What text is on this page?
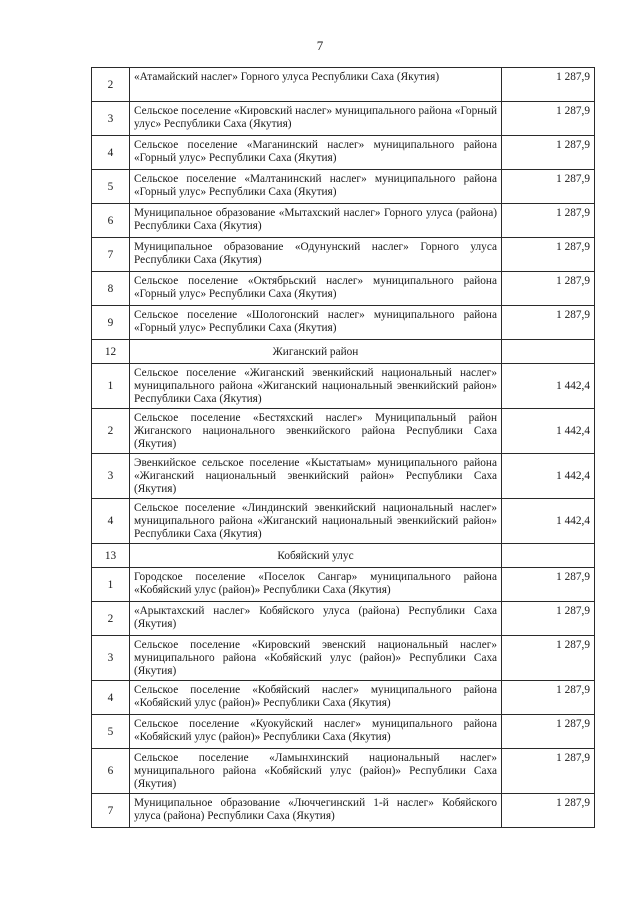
7
2	«Атамайский наслег» Горного улуса Республики Саха (Якутия)	1 287,9
3	Сельское поселение «Кировский наслег» муниципального района «Горный улус» Республики Саха (Якутия)	1 287,9
4	Сельское поселение «Маганинский наслег» муниципального района «Горный улус» Республики Саха (Якутия)	1 287,9
5	Сельское поселение «Малтанинский наслег» муниципального района «Горный улус» Республики Саха (Якутия)	1 287,9
6	Муниципальное образование «Мытахский наслег» Горного улуса (района) Республики Саха (Якутия)	1 287,9
7	Муниципальное образование «Одунунский наслег» Горного улуса Республики Саха (Якутия)	1 287,9
8	Сельское поселение «Октябрьский наслег» муниципального района «Горный улус» Республики Саха (Якутия)	1 287,9
9	Сельское поселение «Шологонский наслег» муниципального района «Горный улус» Республики Саха (Якутия)	1 287,9
12	Жиганский район	
1	Сельское поселение «Жиганский эвенкийский национальный наслег» муниципального района «Жиганский национальный эвенкийский район» Республики Саха (Якутия)	1 442,4
2	Сельское поселение «Бестяхский наслег» Муниципальный район Жиганского национального эвенкийского района Республики Саха (Якутия)	1 442,4
3	Эвенкийское сельское поселение «Кыстатыам» муниципального района «Жиганский национальный эвенкийский район» Республики Саха (Якутия)	1 442,4
4	Сельское поселение «Линдинский эвенкийский национальный наслег» муниципального района «Жиганский национальный эвенкийский район» Республики Саха (Якутия)	1 442,4
13	Кобяйский улус	
1	Городское поселение «Поселок Сангар» муниципального района «Кобяйский улус (район)» Республики Саха (Якутия)	1 287,9
2	«Арыктахский наслег» Кобяйского улуса (района) Республики Саха (Якутия)	1 287,9
3	Сельское поселение «Кировский эвенский национальный наслег» муниципального района «Кобяйский улус (район)» Республики Саха (Якутия)	1 287,9
4	Сельское поселение «Кобяйский наслег» муниципального района «Кобяйский улус (район)» Республики Саха (Якутия)	1 287,9
5	Сельское поселение «Куокуйский наслег» муниципального района «Кобяйский улус (район)» Республики Саха (Якутия)	1 287,9
6	Сельское поселение «Ламынхинский национальный наслег» муниципального района «Кобяйский улус (район)» Республики Саха (Якутия)	1 287,9
7	Муниципальное образование «Люччегинский 1-й наслег» Кобяйского улуса (района) Республики Саха (Якутия)	1 287,9
